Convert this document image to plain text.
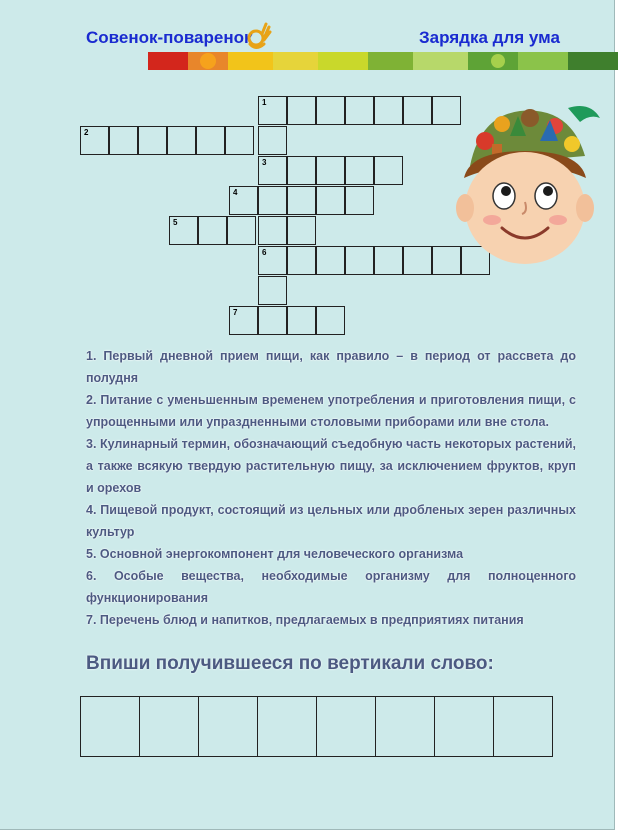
Совенок-поваренок	Зарядка для ума
1
2
3
4
5
6
7

1. Первый дневной прием пищи, как правило – в период от рассвета до полудня

2. Питание с уменьшенным временем употребления и приготовления пищи, с упрощенными или упраздненными столовыми приборами или вне стола.

3. Кулинарный термин, обозначающий съедобную часть некоторых растений, а также всякую твердую растительную пищу, за исключением фруктов, круп и орехов

4. Пищевой продукт, состоящий из цельных или дробленых зерен различных культур

5. Основной энергокомпонент для человеческого организма

6. Особые вещества, необходимые организму для полноценного функционирования

7. Перечень блюд и напитков, предлагаемых в предприятиях питания

Впиши получившееся по вертикали слово:
